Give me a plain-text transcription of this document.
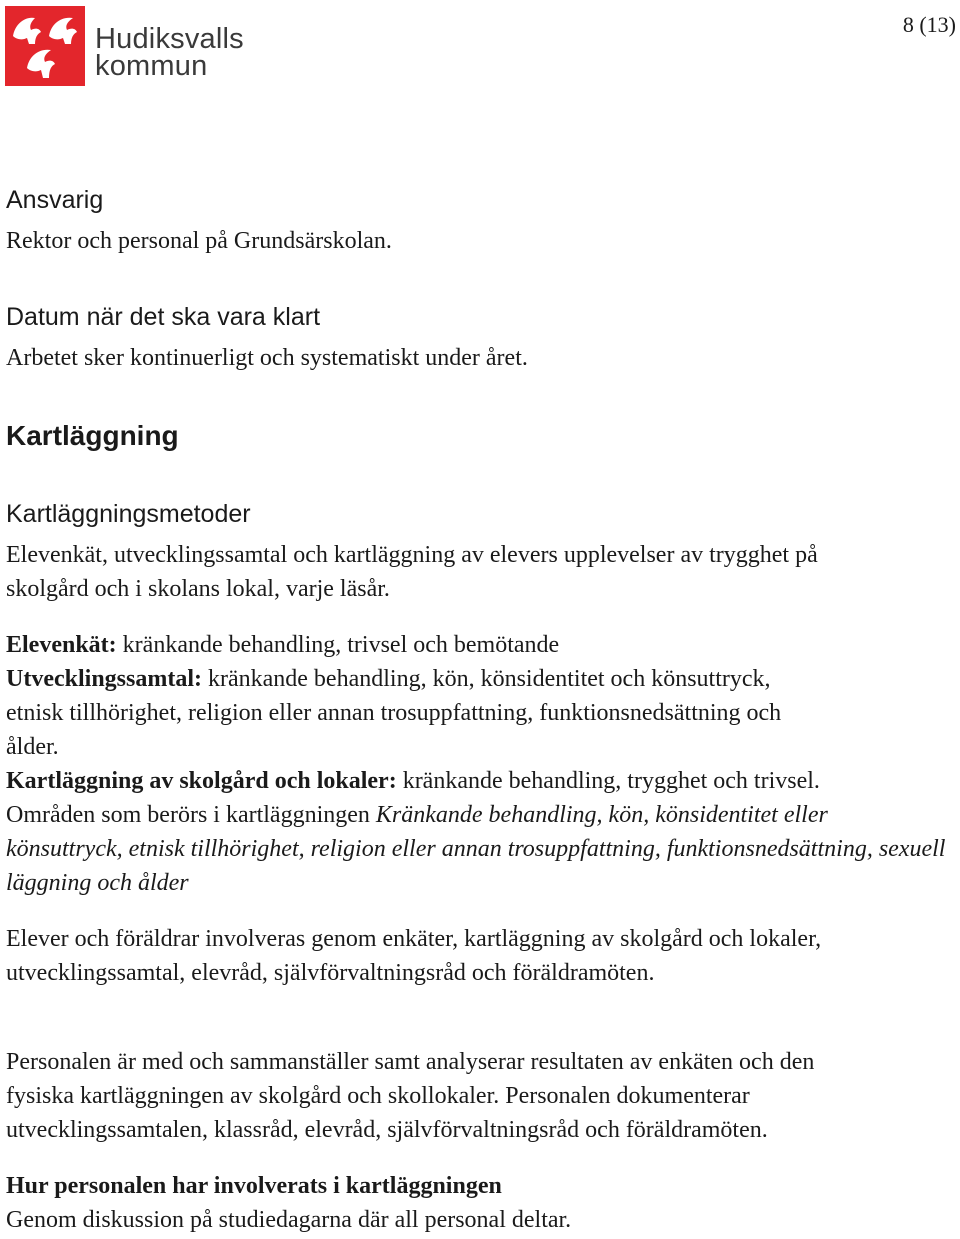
Hudiksvalls
kommun
8 (13)
Ansvarig
Rektor och personal på Grundsärskolan.
Datum när det ska vara klart
Arbetet sker kontinuerligt och systematiskt under året.
Kartläggning
Kartläggningsmetoder
Elevenkät, utvecklingssamtal och kartläggning av elevers upplevelser av trygghet på
skolgård och i skolans lokal, varje läsår.
Elevenkät: kränkande behandling, trivsel och bemötande
Utvecklingssamtal: kränkande behandling, kön, könsidentitet och könsuttryck,
etnisk tillhörighet, religion eller annan trosuppfattning, funktionsnedsättning och
ålder.
Kartläggning av skolgård och lokaler: kränkande behandling, trygghet och trivsel.
Områden som berörs i kartläggningen Kränkande behandling, kön, könsidentitet eller
könsuttryck, etnisk tillhörighet, religion eller annan trosuppfattning, funktionsnedsättning, sexuell
läggning och ålder
Elever och föräldrar involveras genom enkäter, kartläggning av skolgård och lokaler,
utvecklingssamtal, elevråd, självförvaltningsråd och föräldramöten.
Personalen är med och sammanställer samt analyserar resultaten av enkäten och den
fysiska kartläggningen av skolgård och skollokaler. Personalen dokumenterar
utvecklingssamtalen, klassråd, elevråd, självförvaltningsråd och föräldramöten.
Hur personalen har involverats i kartläggningen
Genom diskussion på studiedagarna där all personal deltar.
